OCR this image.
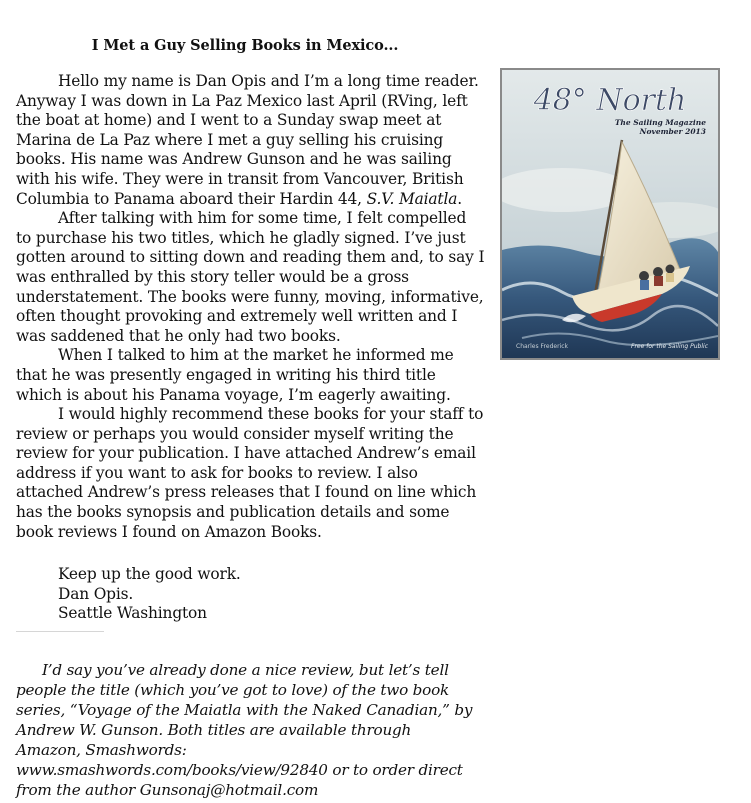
I Met a Guy Selling Books in Mexico...

Hello my name is Dan Opis and I’m a long time reader. Anyway I was down in La Paz Mexico last April (RVing, left the boat at home) and I went to a Sunday swap meet at Marina de La Paz where I met a guy selling his cruising books. His name was Andrew Gunson and he was sailing with his wife. They were in transit from Vancouver, British Columbia to Panama aboard their Hardin 44, S.V. Maiatla.

After talking with him for some time, I felt compelled to purchase his two titles, which he gladly signed. I’ve just gotten around to sitting down and reading them and, to say I was enthralled by this story teller would be a gross understatement. The books were funny, moving, informative, often thought provoking and extremely well written and I was saddened that he only had two books.

When I talked to him at the market he informed me that he was presently engaged in writing his third title which is about his Panama voyage, I’m eagerly awaiting.

I would highly recommend these books for your staff to review or perhaps you would consider myself writing the review for your publication. I have attached Andrew’s email address if you want to ask for books to review. I also attached Andrew’s press releases that I found on line which has the books synopsis and publication details and some book reviews I found on Amazon Books.

Keep up the good work.
Dan Opis.
Seattle Washington
I’d say you’ve already done a nice review, but let’s tell people the title (which you’ve got to love) of the two book series, “Voyage of the Maiatla with the Naked Canadian,” by Andrew W. Gunson. Both titles are available through Amazon, Smashwords: www.smashwords.com/books/view/92840 or to order direct from the author Gunsonaj@hotmail.com
48° North
The Sailing Magazine
November 2013
Charles Frederick	Free for the Sailing Public
